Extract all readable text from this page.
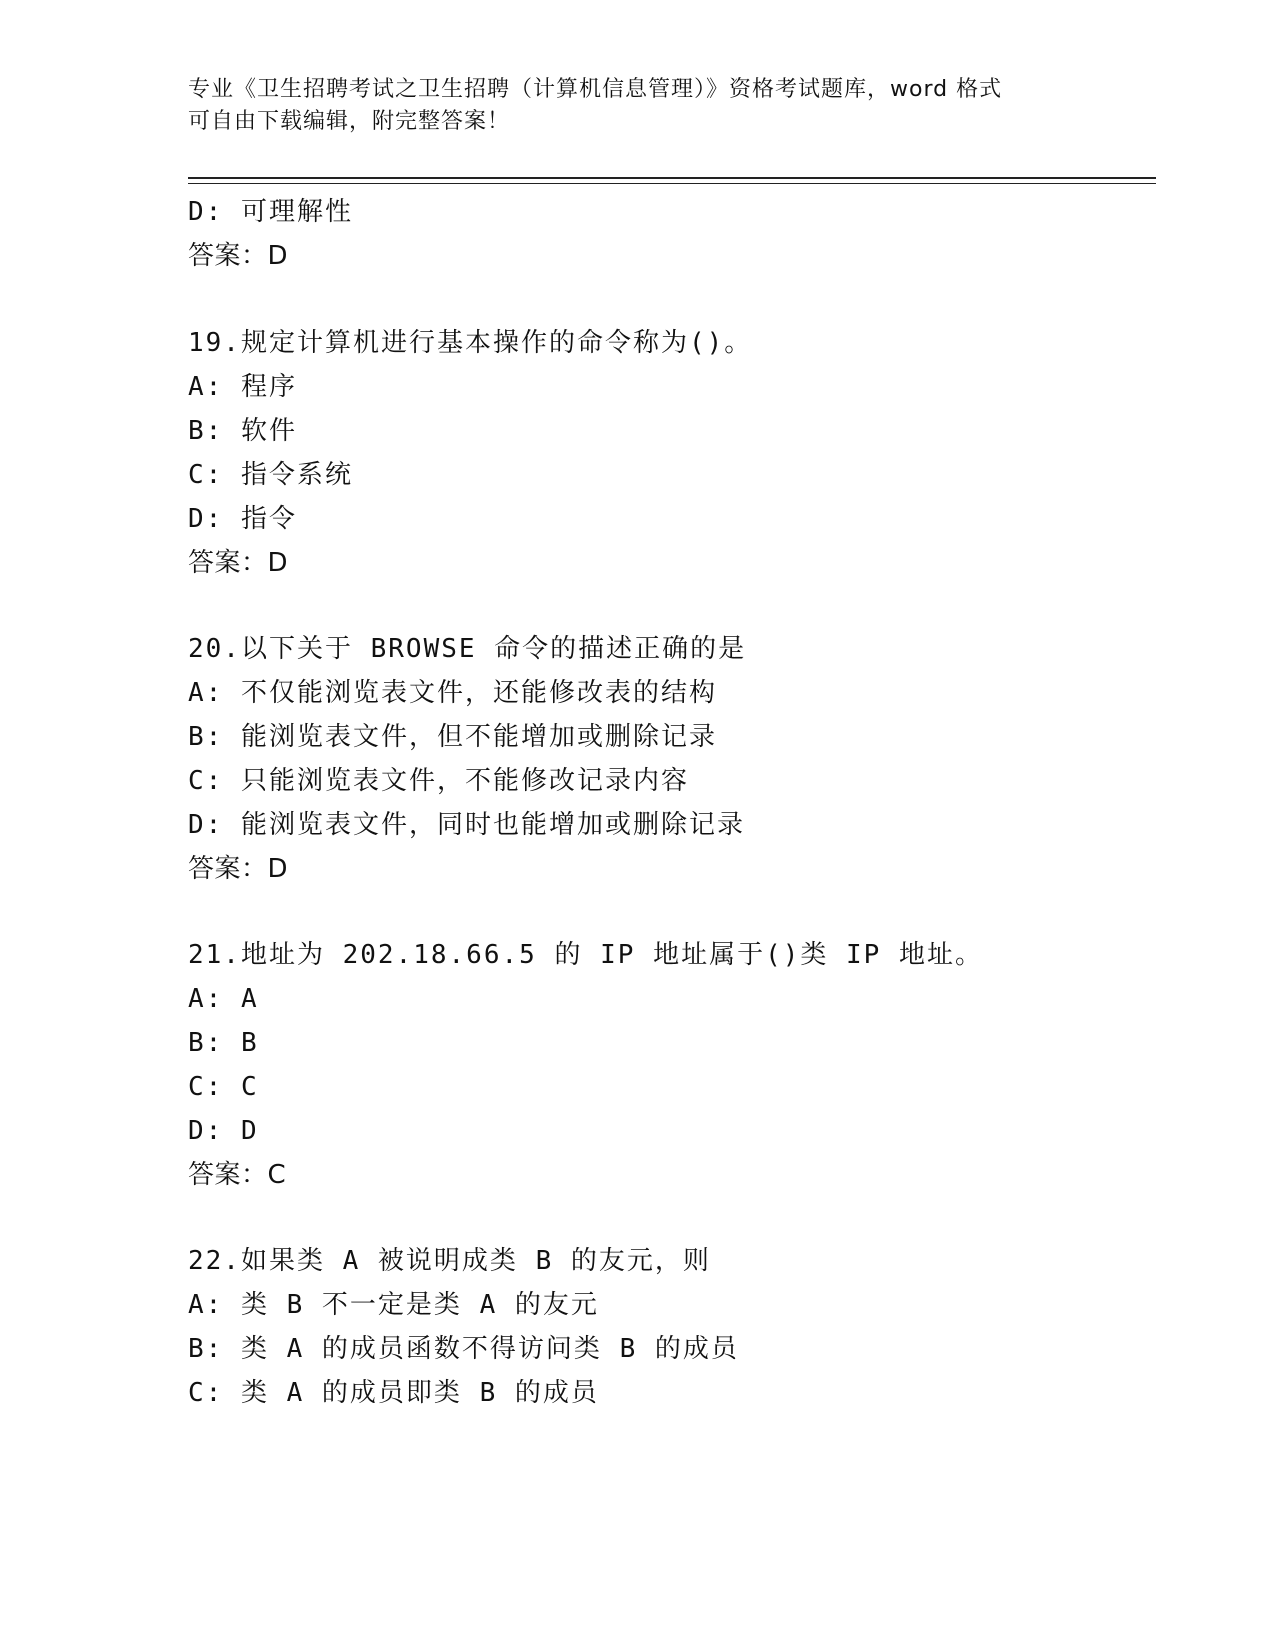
专业《卫生招聘考试之卫生招聘（计算机信息管理）》资格考试题库，word 格式
可自由下载编辑，附完整答案！
D: 可理解性
答案：D
19.规定计算机进行基本操作的命令称为()。
A: 程序
B: 软件
C: 指令系统
D: 指令
答案：D
20.以下关于 BROWSE 命令的描述正确的是
A: 不仅能浏览表文件，还能修改表的结构
B: 能浏览表文件，但不能增加或删除记录
C: 只能浏览表文件，不能修改记录内容
D: 能浏览表文件，同时也能增加或删除记录
答案：D
21.地址为 202.18.66.5 的 IP 地址属于()类 IP 地址。
A: A
B: B
C: C
D: D
答案：C
22.如果类 A 被说明成类 B 的友元，则
A: 类 B 不一定是类 A 的友元
B: 类 A 的成员函数不得访问类 B 的成员
C: 类 A 的成员即类 B 的成员
